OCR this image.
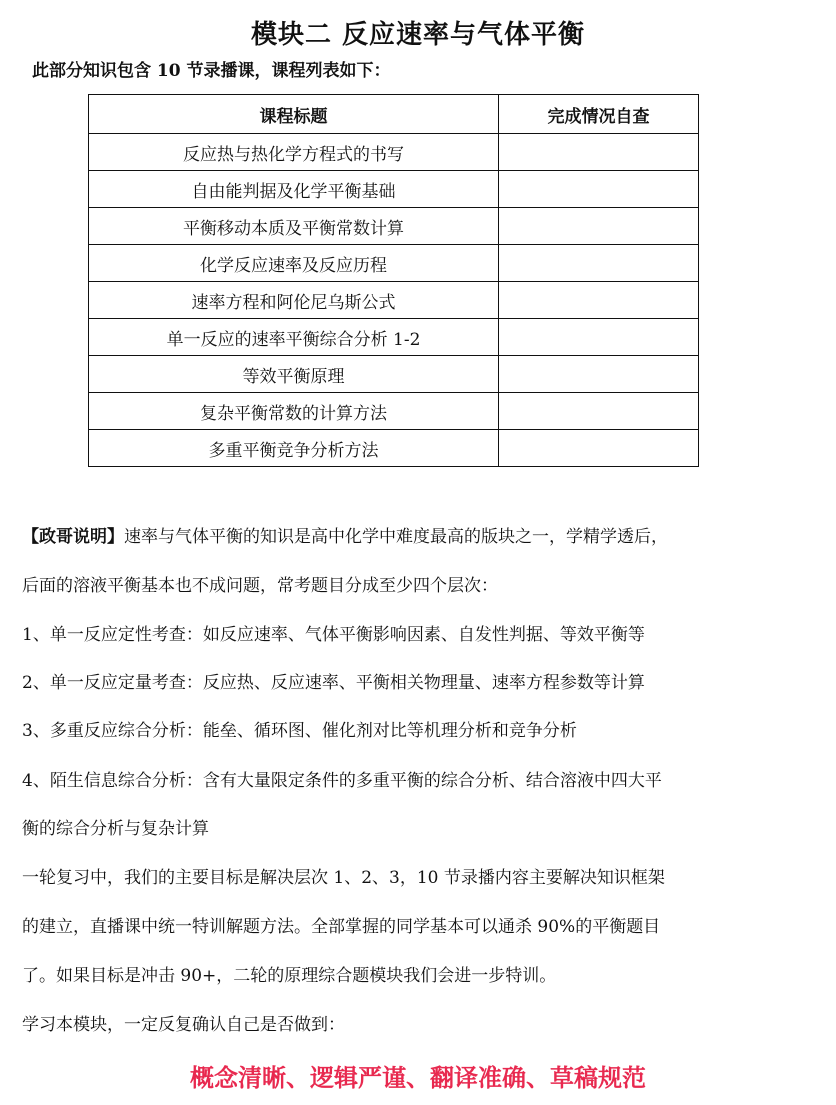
模块二 反应速率与气体平衡
此部分知识包含 10 节录播课，课程列表如下：
课程标题	完成情况自查
反应热与热化学方程式的书写	
自由能判据及化学平衡基础	
平衡移动本质及平衡常数计算	
化学反应速率及反应历程	
速率方程和阿伦尼乌斯公式	
单一反应的速率平衡综合分析 1-2	
等效平衡原理	
复杂平衡常数的计算方法	
多重平衡竞争分析方法	
【政哥说明】速率与气体平衡的知识是高中化学中难度最高的版块之一，学精学透后，
后面的溶液平衡基本也不成问题，常考题目分成至少四个层次：
1、单一反应定性考查：如反应速率、气体平衡影响因素、自发性判据、等效平衡等
2、单一反应定量考查：反应热、反应速率、平衡相关物理量、速率方程参数等计算
3、多重反应综合分析：能垒、循环图、催化剂对比等机理分析和竞争分析
4、陌生信息综合分析：含有大量限定条件的多重平衡的综合分析、结合溶液中四大平
衡的综合分析与复杂计算
一轮复习中，我们的主要目标是解决层次 1、2、3，10 节录播内容主要解决知识框架
的建立，直播课中统一特训解题方法。全部掌握的同学基本可以通杀 90%的平衡题目
了。如果目标是冲击 90+，二轮的原理综合题模块我们会进一步特训。
学习本模块，一定反复确认自己是否做到：
概念清晰、逻辑严谨、翻译准确、草稿规范
